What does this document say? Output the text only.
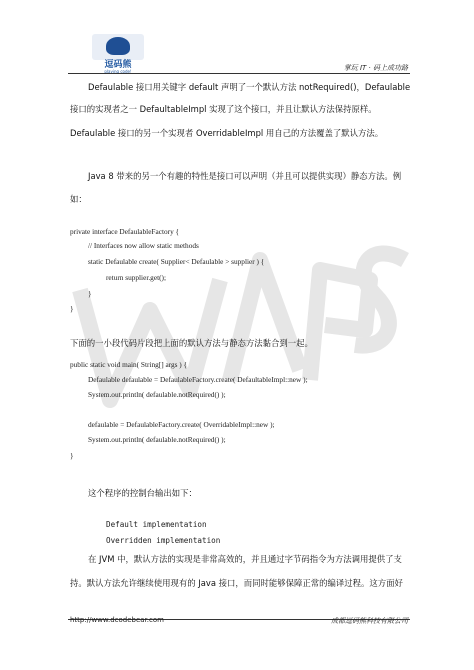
逗码熊
playing code!	掌玩 IT · 码上成功路
Defaulable 接口用关键字 default 声明了一个默认方法 notRequired()，Defaulable
接口的实现者之一 DefaultableImpl 实现了这个接口，并且让默认方法保持原样。
Defaulable 接口的另一个实现者 OverridableImpl 用自己的方法覆盖了默认方法。
Java 8 带来的另一个有趣的特性是接口可以声明（并且可以提供实现）静态方法。例
如：
private interface DefaulableFactory {
// Interfaces now allow static methods
static Defaulable create( Supplier< Defaulable > supplier ) {
return supplier.get();
}
}
下面的一小段代码片段把上面的默认方法与静态方法黏合到一起。
public static void main( String[] args ) {
Defaulable defaulable = DefaulableFactory.create( DefaultableImpl::new );
System.out.println( defaulable.notRequired() );
defaulable = DefaulableFactory.create( OverridableImpl::new );
System.out.println( defaulable.notRequired() );
}
这个程序的控制台输出如下：
Default implementation
Overridden implementation
在 JVM 中，默认方法的实现是非常高效的，并且通过字节码指令为方法调用提供了支
持。默认方法允许继续使用现有的 Java 接口，而同时能够保障正常的编译过程。这方面好
http://www.dcodebear.com	成都逗码熊科技有限公司
